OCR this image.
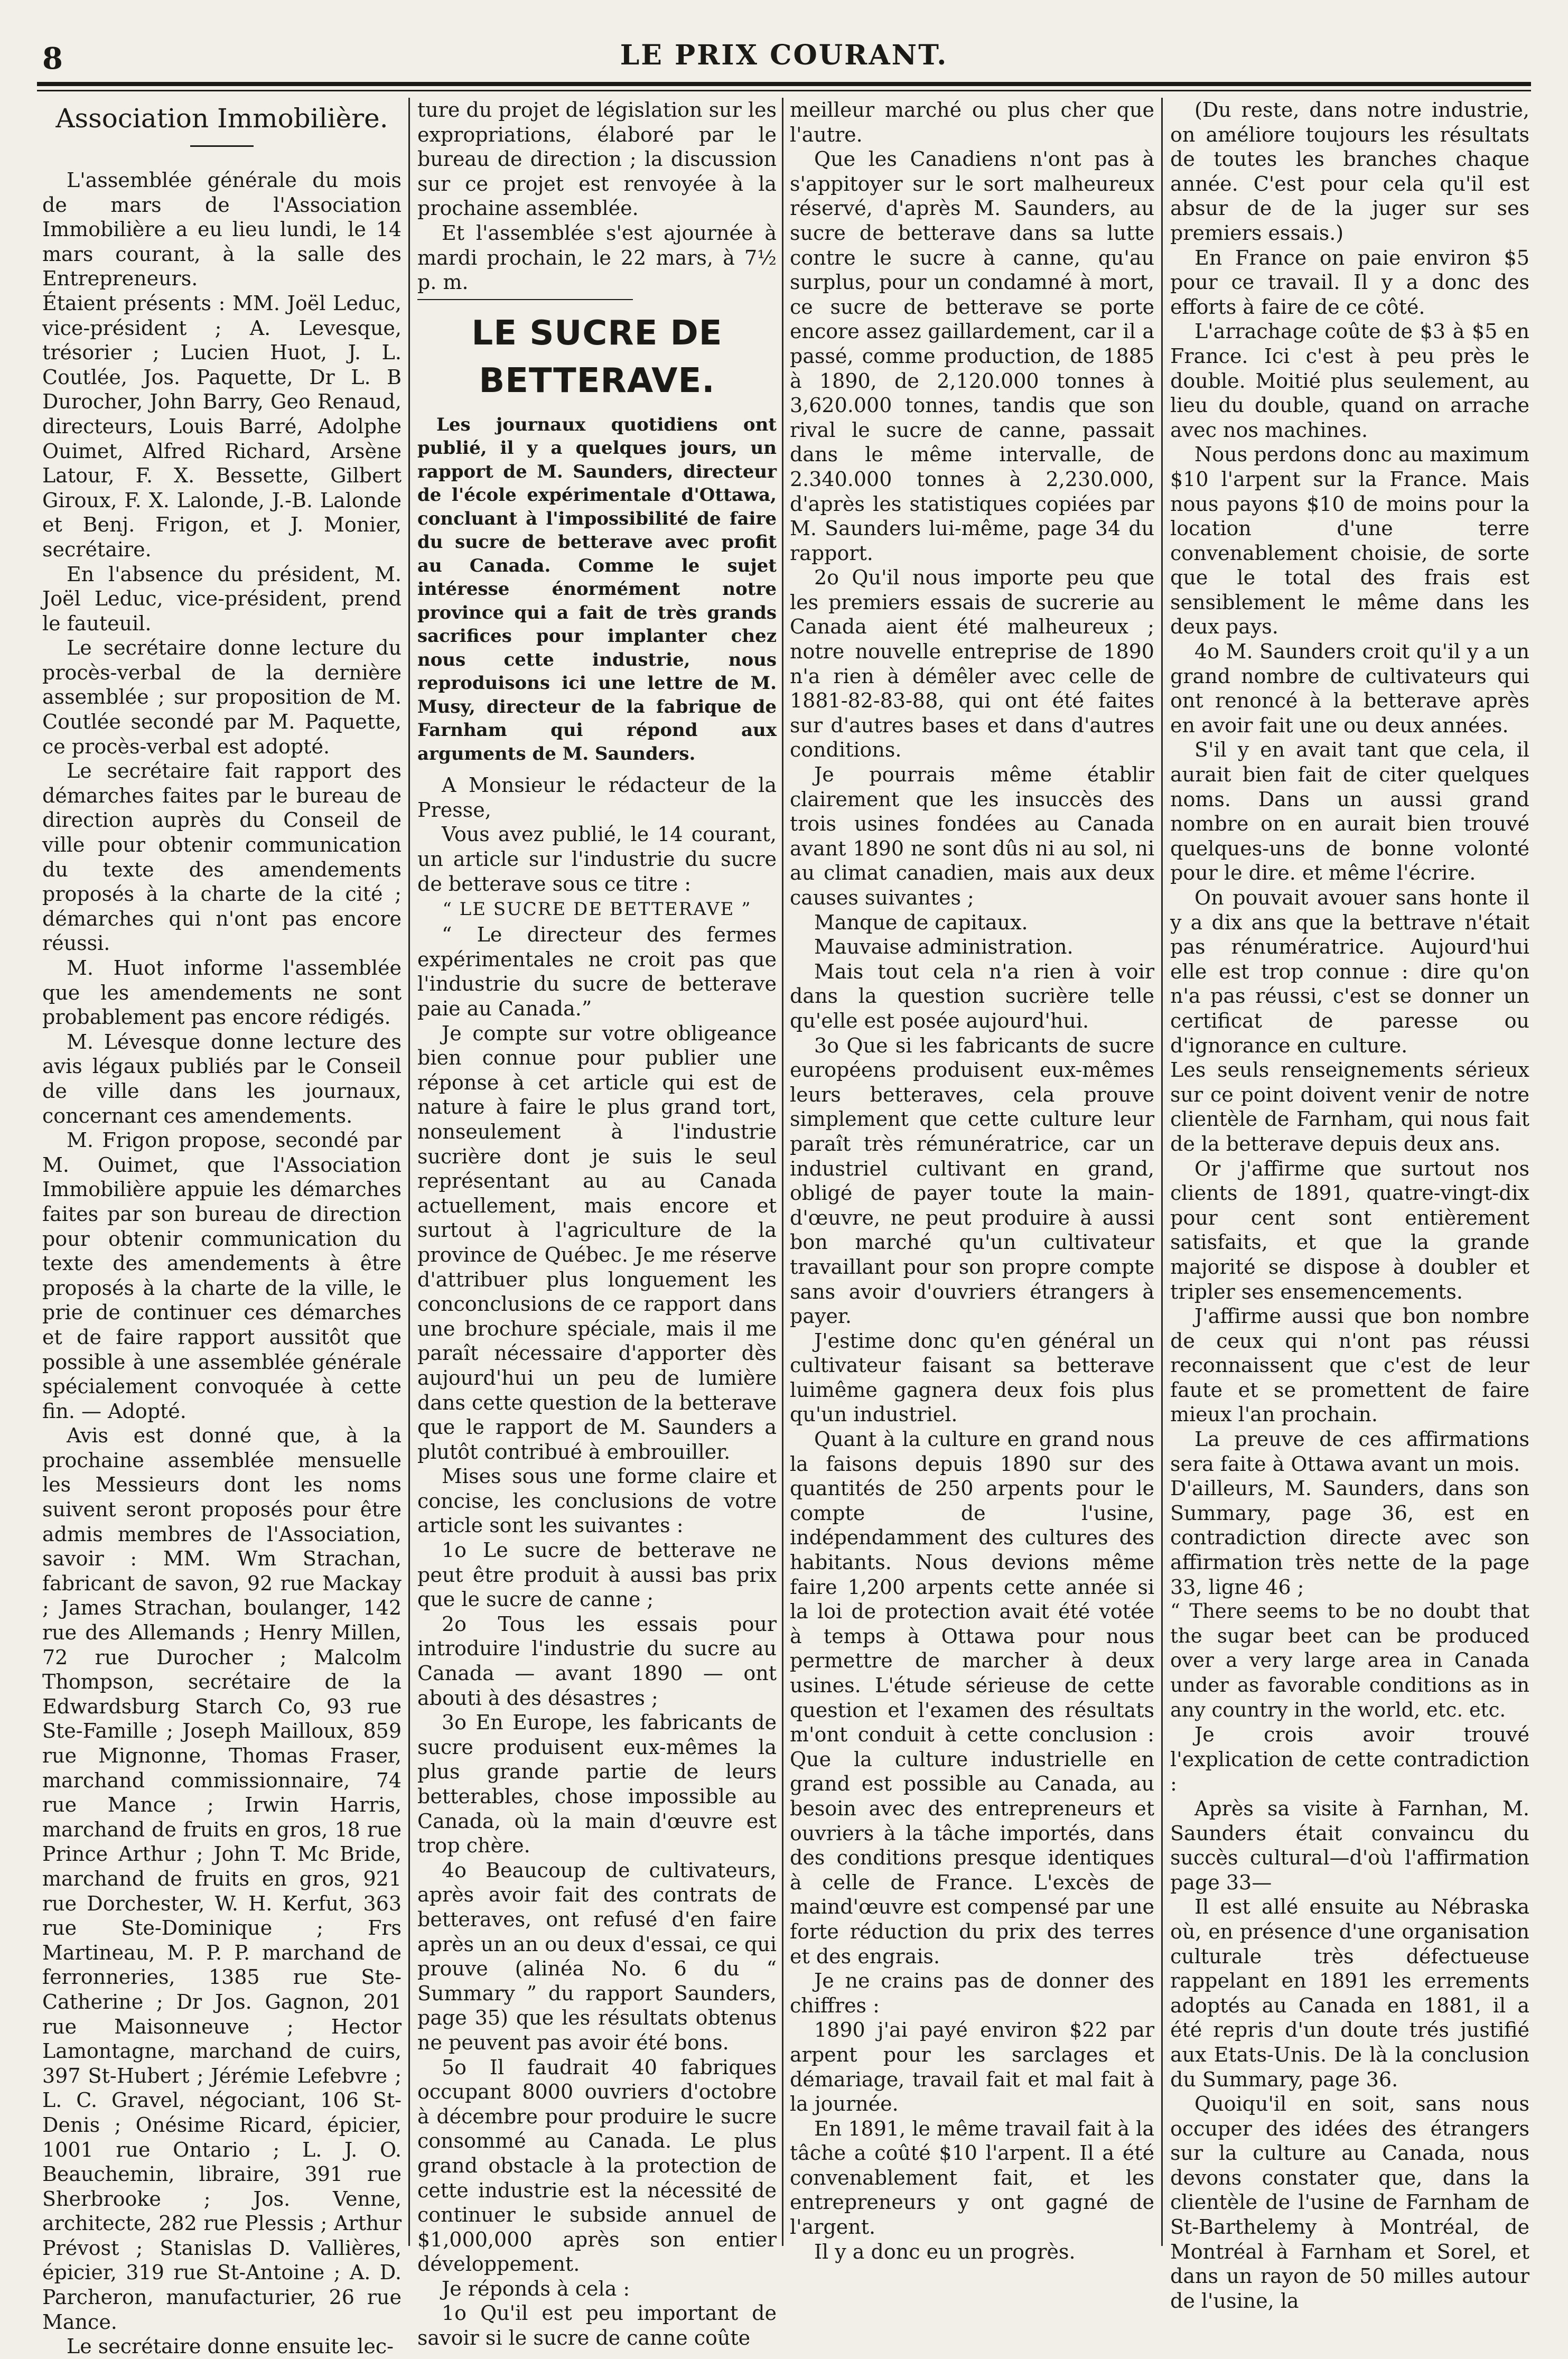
8	LE PRIX COURANT.
Association Immobilière.

L'assemblée générale du mois de mars de l'Association Immobilière a eu lieu lundi, le 14 mars courant, à la salle des Entrepreneurs.

Étaient présents : MM. Joël Leduc, vice-président ; A. Levesque, trésorier ; Lucien Huot, J. L. Coutlée, Jos. Paquette, Dr L. B Durocher, John Barry, Geo Renaud, directeurs, Louis Barré, Adolphe Ouimet, Alfred Richard, Arsène Latour, F. X. Bessette, Gilbert Giroux, F. X. Lalonde, J.-B. Lalonde et Benj. Frigon, et J. Monier, secrétaire.

En l'absence du président, M. Joël Leduc, vice-président, prend le fauteuil.

Le secrétaire donne lecture du procès-verbal de la dernière assemblée ; sur proposition de M. Coutlée secondé par M. Paquette, ce procès-verbal est adopté.

Le secrétaire fait rapport des démarches faites par le bureau de direction auprès du Conseil de ville pour obtenir communication du texte des amendements proposés à la charte de la cité ; démarches qui n'ont pas encore réussi.

M. Huot informe l'assemblée que les amendements ne sont probablement pas encore rédigés.

M. Lévesque donne lecture des avis légaux publiés par le Conseil de ville dans les journaux, concernant ces amendements.

M. Frigon propose, secondé par M. Ouimet, que l'Association Immobilière appuie les démarches faites par son bureau de direction pour obtenir communication du texte des amendements à être proposés à la charte de la ville, le prie de continuer ces démarches et de faire rapport aussitôt que possible à une assemblée générale spécialement convoquée à cette fin. — Adopté.

Avis est donné que, à la prochaine assemblée mensuelle les Messieurs dont les noms suivent seront proposés pour être admis membres de l'Association, savoir : MM. Wm Strachan, fabricant de savon, 92 rue Mackay ; James Strachan, boulanger, 142 rue des Allemands ; Henry Millen, 72 rue Durocher ; Malcolm Thompson, secrétaire de la Edwardsburg Starch Co, 93 rue Ste-Famille ; Joseph Mailloux, 859 rue Mignonne, Thomas Fraser, marchand commissionnaire, 74 rue Mance ; Irwin Harris, marchand de fruits en gros, 18 rue Prince Arthur ; John T. Mc Bride, marchand de fruits en gros, 921 rue Dorchester, W. H. Kerfut, 363 rue Ste-Dominique ; Frs Martineau, M. P. P. marchand de ferronneries, 1385 rue Ste-Catherine ; Dr Jos. Gagnon, 201 rue Maisonneuve ; Hector Lamontagne, marchand de cuirs, 397 St-Hubert ; Jérémie Lefebvre ; L. C. Gravel, négociant, 106 St-Denis ; Onésime Ricard, épicier, 1001 rue Ontario ; L. J. O. Beauchemin, libraire, 391 rue Sherbrooke ; Jos. Venne, architecte, 282 rue Plessis ; Arthur Prévost ; Stanislas D. Vallières, épicier, 319 rue St-Antoine ; A. D. Parcheron, manufacturier, 26 rue Mance.

Le secrétaire donne ensuite lec-

ture du projet de législation sur les expropriations, élaboré par le bureau de direction ; la discussion sur ce projet est renvoyée à la prochaine assemblée.

Et l'assemblée s'est ajournée à mardi prochain, le 22 mars, à 7½ p. m.

LE SUCRE DE BETTERAVE.

Les journaux quotidiens ont publié, il y a quelques jours, un rapport de M. Saunders, directeur de l'école expérimentale d'Ottawa, concluant à l'impossibilité de faire du sucre de betterave avec profit au Canada. Comme le sujet intéresse énormément notre province qui a fait de très grands sacrifices pour implanter chez nous cette industrie, nous reproduisons ici une lettre de M. Musy, directeur de la fabrique de Farnham qui répond aux arguments de M. Saunders.

A Monsieur le rédacteur de la Presse,

Vous avez publié, le 14 courant, un article sur l'industrie du sucre de betterave sous ce titre :

“ LE SUCRE DE BETTERAVE ”

“ Le directeur des fermes expérimentales ne croit pas que l'industrie du sucre de betterave paie au Canada.”

Je compte sur votre obligeance bien connue pour publier une réponse à cet article qui est de nature à faire le plus grand tort, nonseulement à l'industrie sucrière dont je suis le seul représentant au au Canada actuellement, mais encore et surtout à l'agriculture de la province de Québec. Je me réserve d'attribuer plus longuement les conconclusions de ce rapport dans une brochure spéciale, mais il me paraît nécessaire d'apporter dès aujourd'hui un peu de lumière dans cette question de la betterave que le rapport de M. Saunders a plutôt contribué à embrouiller.

Mises sous une forme claire et concise, les conclusions de votre article sont les suivantes :

1o Le sucre de betterave ne peut être produit à aussi bas prix que le sucre de canne ;

2o Tous les essais pour introduire l'industrie du sucre au Canada — avant 1890 — ont abouti à des désastres ;

3o En Europe, les fabricants de sucre produisent eux-mêmes la plus grande partie de leurs betterables, chose impossible au Canada, où la main d'œuvre est trop chère.

4o Beaucoup de cultivateurs, après avoir fait des contrats de betteraves, ont refusé d'en faire après un an ou deux d'essai, ce qui prouve (alinéa No. 6 du “ Summary ” du rapport Saunders, page 35) que les résultats obtenus ne peuvent pas avoir été bons.

5o Il faudrait 40 fabriques occupant 8000 ouvriers d'octobre à décembre pour produire le sucre consommé au Canada. Le plus grand obstacle à la protection de cette industrie est la nécessité de continuer le subside annuel de $1,000,000 après son entier développement.

Je réponds à cela :

1o Qu'il est peu important de savoir si le sucre de canne coûte

meilleur marché ou plus cher que l'autre.

Que les Canadiens n'ont pas à s'appitoyer sur le sort malheureux réservé, d'après M. Saunders, au sucre de betterave dans sa lutte contre le sucre à canne, qu'au surplus, pour un condamné à mort, ce sucre de betterave se porte encore assez gaillardement, car il a passé, comme production, de 1885 à 1890, de 2,120.000 tonnes à 3,620.000 tonnes, tandis que son rival le sucre de canne, passait dans le même intervalle, de 2.340.000 tonnes à 2,230.000, d'après les statistiques copiées par M. Saunders lui-même, page 34 du rapport.

2o Qu'il nous importe peu que les premiers essais de sucrerie au Canada aient été malheureux ; notre nouvelle entreprise de 1890 n'a rien à démêler avec celle de 1881-82-83-88, qui ont été faites sur d'autres bases et dans d'autres conditions.

Je pourrais même établir clairement que les insuccès des trois usines fondées au Canada avant 1890 ne sont dûs ni au sol, ni au climat canadien, mais aux deux causes suivantes ;

Manque de capitaux.

Mauvaise administration.

Mais tout cela n'a rien à voir dans la question sucrière telle qu'elle est posée aujourd'hui.

3o Que si les fabricants de sucre européens produisent eux-mêmes leurs betteraves, cela prouve simplement que cette culture leur paraît très rémunératrice, car un industriel cultivant en grand, obligé de payer toute la main-d'œuvre, ne peut produire à aussi bon marché qu'un cultivateur travaillant pour son propre compte sans avoir d'ouvriers étrangers à payer.

J'estime donc qu'en général un cultivateur faisant sa betterave luimême gagnera deux fois plus qu'un industriel.

Quant à la culture en grand nous la faisons depuis 1890 sur des quantités de 250 arpents pour le compte de l'usine, indépendamment des cultures des habitants. Nous devions même faire 1,200 arpents cette année si la loi de protection avait été votée à temps à Ottawa pour nous permettre de marcher à deux usines. L'étude sérieuse de cette question et l'examen des résultats m'ont conduit à cette conclusion : Que la culture industrielle en grand est possible au Canada, au besoin avec des entrepreneurs et ouvriers à la tâche importés, dans des conditions presque identiques à celle de France. L'excès de maind'œuvre est compensé par une forte réduction du prix des terres et des engrais.

Je ne crains pas de donner des chiffres :

1890 j'ai payé environ $22 par arpent pour les sarclages et démariage, travail fait et mal fait à la journée.

En 1891, le même travail fait à la tâche a coûté $10 l'arpent. Il a été convenablement fait, et les entrepreneurs y ont gagné de l'argent.

Il y a donc eu un progrès.

(Du reste, dans notre industrie, on améliore toujours les résultats de toutes les branches chaque année. C'est pour cela qu'il est absur de de la juger sur ses premiers essais.)

En France on paie environ $5 pour ce travail. Il y a donc des efforts à faire de ce côté.

L'arrachage coûte de $3 à $5 en France. Ici c'est à peu près le double. Moitié plus seulement, au lieu du double, quand on arrache avec nos machines.

Nous perdons donc au maximum $10 l'arpent sur la France. Mais nous payons $10 de moins pour la location d'une terre convenablement choisie, de sorte que le total des frais est sensiblement le même dans les deux pays.

4o M. Saunders croit qu'il y a un grand nombre de cultivateurs qui ont renoncé à la betterave après en avoir fait une ou deux années.

S'il y en avait tant que cela, il aurait bien fait de citer quelques noms. Dans un aussi grand nombre on en aurait bien trouvé quelques-uns de bonne volonté pour le dire. et même l'écrire.

On pouvait avouer sans honte il y a dix ans que la bettrave n'était pas rénumératrice. Aujourd'hui elle est trop connue : dire qu'on n'a pas réussi, c'est se donner un certificat de paresse ou d'ignorance en culture.

Les seuls renseignements sérieux sur ce point doivent venir de notre clientèle de Farnham, qui nous fait de la betterave depuis deux ans.

Or j'affirme que surtout nos clients de 1891, quatre-vingt-dix pour cent sont entièrement satisfaits, et que la grande majorité se dispose à doubler et tripler ses ensemencements.

J'affirme aussi que bon nombre de ceux qui n'ont pas réussi reconnaissent que c'est de leur faute et se promettent de faire mieux l'an prochain.

La preuve de ces affirmations sera faite à Ottawa avant un mois.

D'ailleurs, M. Saunders, dans son Summary, page 36, est en contradiction directe avec son affirmation très nette de la page 33, ligne 46 ;

“ There seems to be no doubt that the sugar beet can be produced over a very large area in Canada under as favorable conditions as in any country in the world, etc. etc.

Je crois avoir trouvé l'explication de cette contradiction :

Après sa visite à Farnhan, M. Saunders était convaincu du succès cultural—d'où l'affirmation page 33—

Il est allé ensuite au Nébraska où, en présence d'une organisation culturale très défectueuse rappelant en 1891 les errements adoptés au Canada en 1881, il a été repris d'un doute trés justifié aux Etats-Unis. De là la conclusion du Summary, page 36.

Quoiqu'il en soit, sans nous occuper des idées des étrangers sur la culture au Canada, nous devons constater que, dans la clientèle de l'usine de Farnham de St-Barthelemy à Montréal, de Montréal à Farnham et Sorel, et dans un rayon de 50 milles autour de l'usine, la
